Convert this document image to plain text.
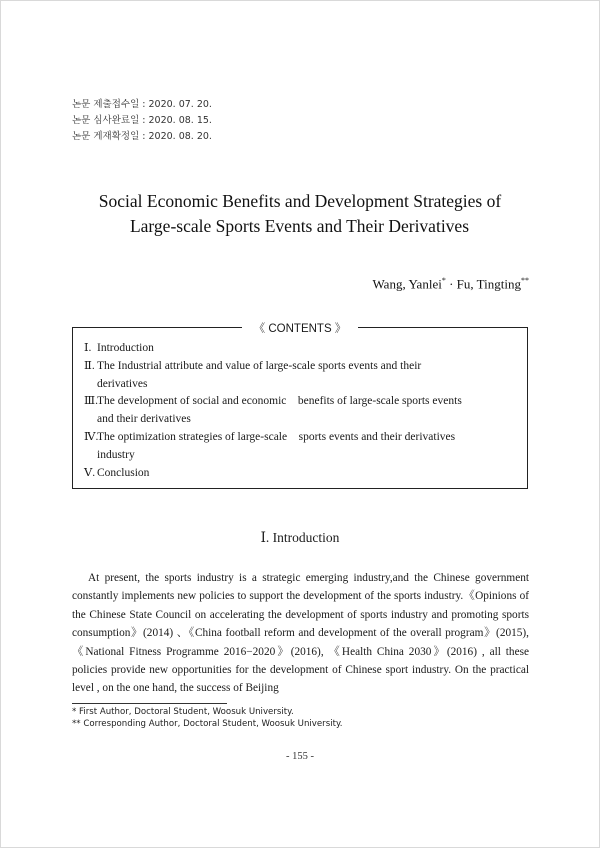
논문 제출접수일 : 2020. 07. 20.
논문 심사완료일 : 2020. 08. 15.
논문 게재확정일 : 2020. 08. 20.
Social Economic Benefits and Development Strategies of
Large-scale Sports Events and Their Derivatives
Wang, Yanlei* · Fu, Tingting**
《 CONTENTS 》
Ⅰ. Introduction
Ⅱ. The Industrial attribute and value of large-scale sports events and their
derivatives
Ⅲ. The development of social and economic    benefits of large-scale sports events
and their derivatives
Ⅳ.
The optimization strategies of large-scale    sports events and their derivatives
industry
Ⅴ. Conclusion
Ⅰ. Introduction

At present, the sports industry is a strategic emerging industry,and the Chinese government constantly implements new policies to support the development of the sports industry.《Opinions of the Chinese State Council on accelerating the development of sports industry and promoting sports consumption》(2014) 、《China football reform and development of the overall program》(2015), 《National Fitness Programme 2016−2020》(2016), 《Health China 2030》(2016) , all these policies provide new opportunities for the development of Chinese sport industry. On the practical level , on the one hand, the success of Beijing

* First Author, Doctoral Student, Woosuk University.
** Corresponding Author, Doctoral Student, Woosuk University.
- 155 -
